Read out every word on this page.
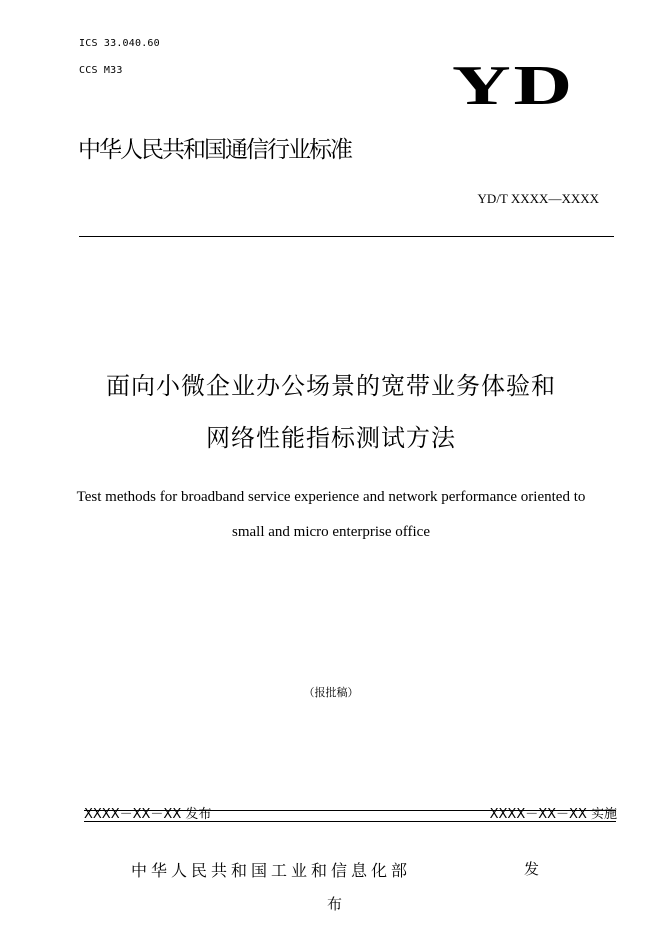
ICS 33.040.60
CCS M33	YD
中华人民共和国通信行业标准
YD/T XXXX—XXXX
面向小微企业办公场景的宽带业务体验和
网络性能指标测试方法
Test methods for broadband service experience and network performance oriented to
small and micro enterprise office
（报批稿）
XXXX－XX－XX 发布	XXXX－XX－XX 实施
中华人民共和国工业和信息化部	发
布
